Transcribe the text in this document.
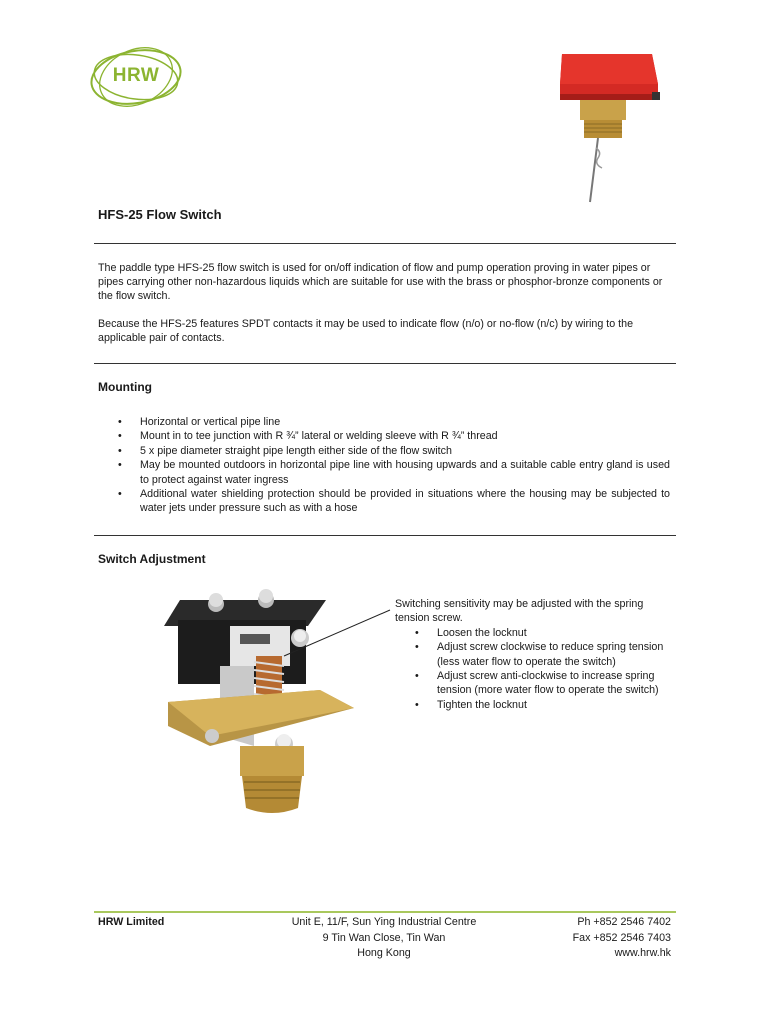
HRW
HFS-25 Flow Switch
The paddle type HFS-25 flow switch is used for on/off indication of flow and pump operation proving in water pipes or pipes carrying other non-hazardous liquids which are suitable for use with the brass or phosphor-bronze components or the flow switch.
Because the HFS-25 features SPDT contacts it may be used to indicate flow (n/o) or no-flow (n/c) by wiring to the applicable pair of contacts.
Mounting
• Horizontal or vertical pipe line
• Mount in to tee junction with R ¾” lateral or welding sleeve with R ¾” thread
• 5 x pipe diameter straight pipe length either side of the flow switch
• May be mounted outdoors in horizontal pipe line with housing upwards and a suitable cable entry gland is used to protect against water ingress
• Additional water shielding protection should be provided in situations where the housing may be subjected to water jets under pressure such as with a hose
Switch Adjustment
Switching sensitivity may be adjusted with the spring tension screw.
• Loosen the locknut
• Adjust screw clockwise to reduce spring tension (less water flow to operate the switch)
• Adjust screw anti-clockwise to increase spring tension (more water flow to operate the switch)
• Tighten the locknut
HRW Limited	Unit E, 11/F, Sun Ying Industrial Centre
9 Tin Wan Close, Tin Wan
Hong Kong
Ph +852 2546 7402
Fax +852 2546 7403
www.hrw.hk
